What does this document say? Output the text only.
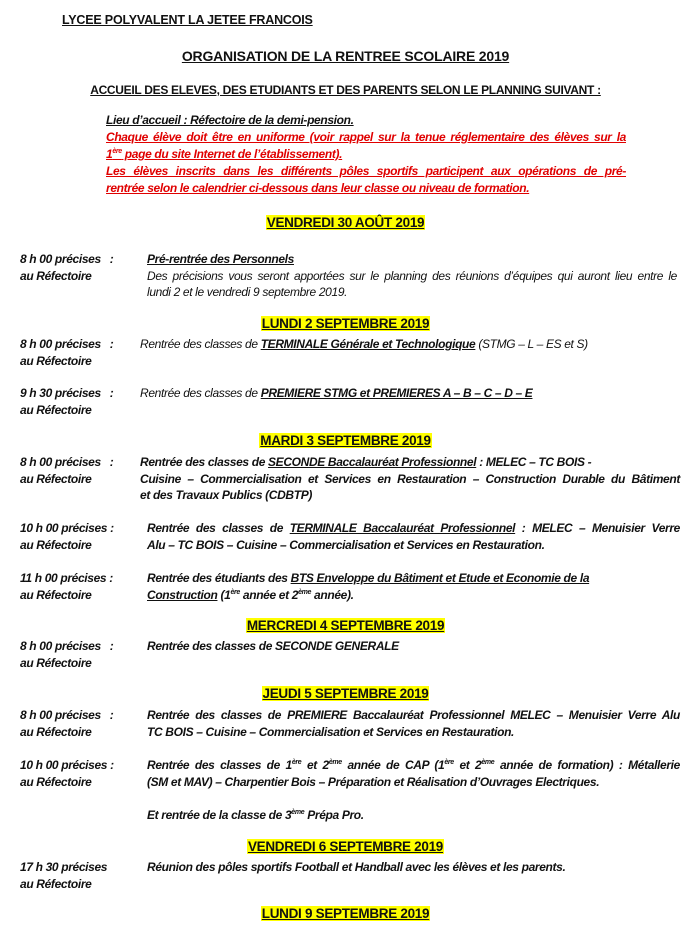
LYCEE POLYVALENT LA JETEE FRANCOIS
ORGANISATION DE LA RENTREE SCOLAIRE 2019
ACCUEIL DES ELEVES, DES ETUDIANTS ET DES PARENTS SELON LE PLANNING SUIVANT :
Lieu d’accueil : Réfectoire de la demi-pension.
Chaque élève doit être en uniforme (voir rappel sur la tenue réglementaire des élèves sur la
1ère page du site Internet de l’établissement).
Les élèves inscrits dans les différents pôles sportifs participent aux opérations de pré-
rentrée selon le calendrier ci-dessous dans leur classe ou niveau de formation.
VENDREDI 30 AOÛT 2019
LUNDI 2 SEPTEMBRE 2019
MARDI 3 SEPTEMBRE 2019
MERCREDI 4 SEPTEMBRE 2019
JEUDI 5 SEPTEMBRE 2019
VENDREDI 6 SEPTEMBRE 2019
LUNDI 9 SEPTEMBRE 2019
8 h 00 précises   :
au Réfectoire
Pré-rentrée des Personnels
Des précisions vous seront apportées sur le planning des réunions d’équipes qui auront lieu entre le
lundi 2 et le vendredi 9 septembre 2019.
8 h 00 précises   :
au Réfectoire
Rentrée des classes de TERMINALE Générale et Technologique (STMG – L – ES et S)
9 h 30 précises   :
au Réfectoire
Rentrée des classes de PREMIERE STMG et PREMIERES A – B – C – D – E
8 h 00 précises   :
au Réfectoire
Rentrée des classes de SECONDE Baccalauréat Professionnel : MELEC – TC BOIS -
Cuisine – Commercialisation et Services en Restauration – Construction Durable du Bâtiment
et des Travaux Publics (CDBTP)
10 h 00 précises :
au Réfectoire
Rentrée des classes de TERMINALE Baccalauréat Professionnel : MELEC – Menuisier Verre
Alu – TC BOIS – Cuisine – Commercialisation et Services en Restauration.
11 h 00 précises :
au Réfectoire
Rentrée des étudiants des BTS Enveloppe du Bâtiment et Etude et Economie de la
Construction (1ère année et 2ème année).
8 h 00 précises   :
au Réfectoire
Rentrée des classes de SECONDE GENERALE
8 h 00 précises   :
au Réfectoire
Rentrée des classes de PREMIERE Baccalauréat Professionnel MELEC – Menuisier Verre Alu
TC BOIS – Cuisine – Commercialisation et Services en Restauration.
10 h 00 précises :
au Réfectoire
Rentrée des classes de 1ère et 2ème année de CAP (1ère et 2ème année de formation) : Métallerie
(SM et MAV) – Charpentier Bois – Préparation et Réalisation d’Ouvrages Electriques.

Et rentrée de la classe de 3ème Prépa Pro.
17 h 30 précises
au Réfectoire
Réunion des pôles sportifs Football et Handball avec les élèves et les parents.
